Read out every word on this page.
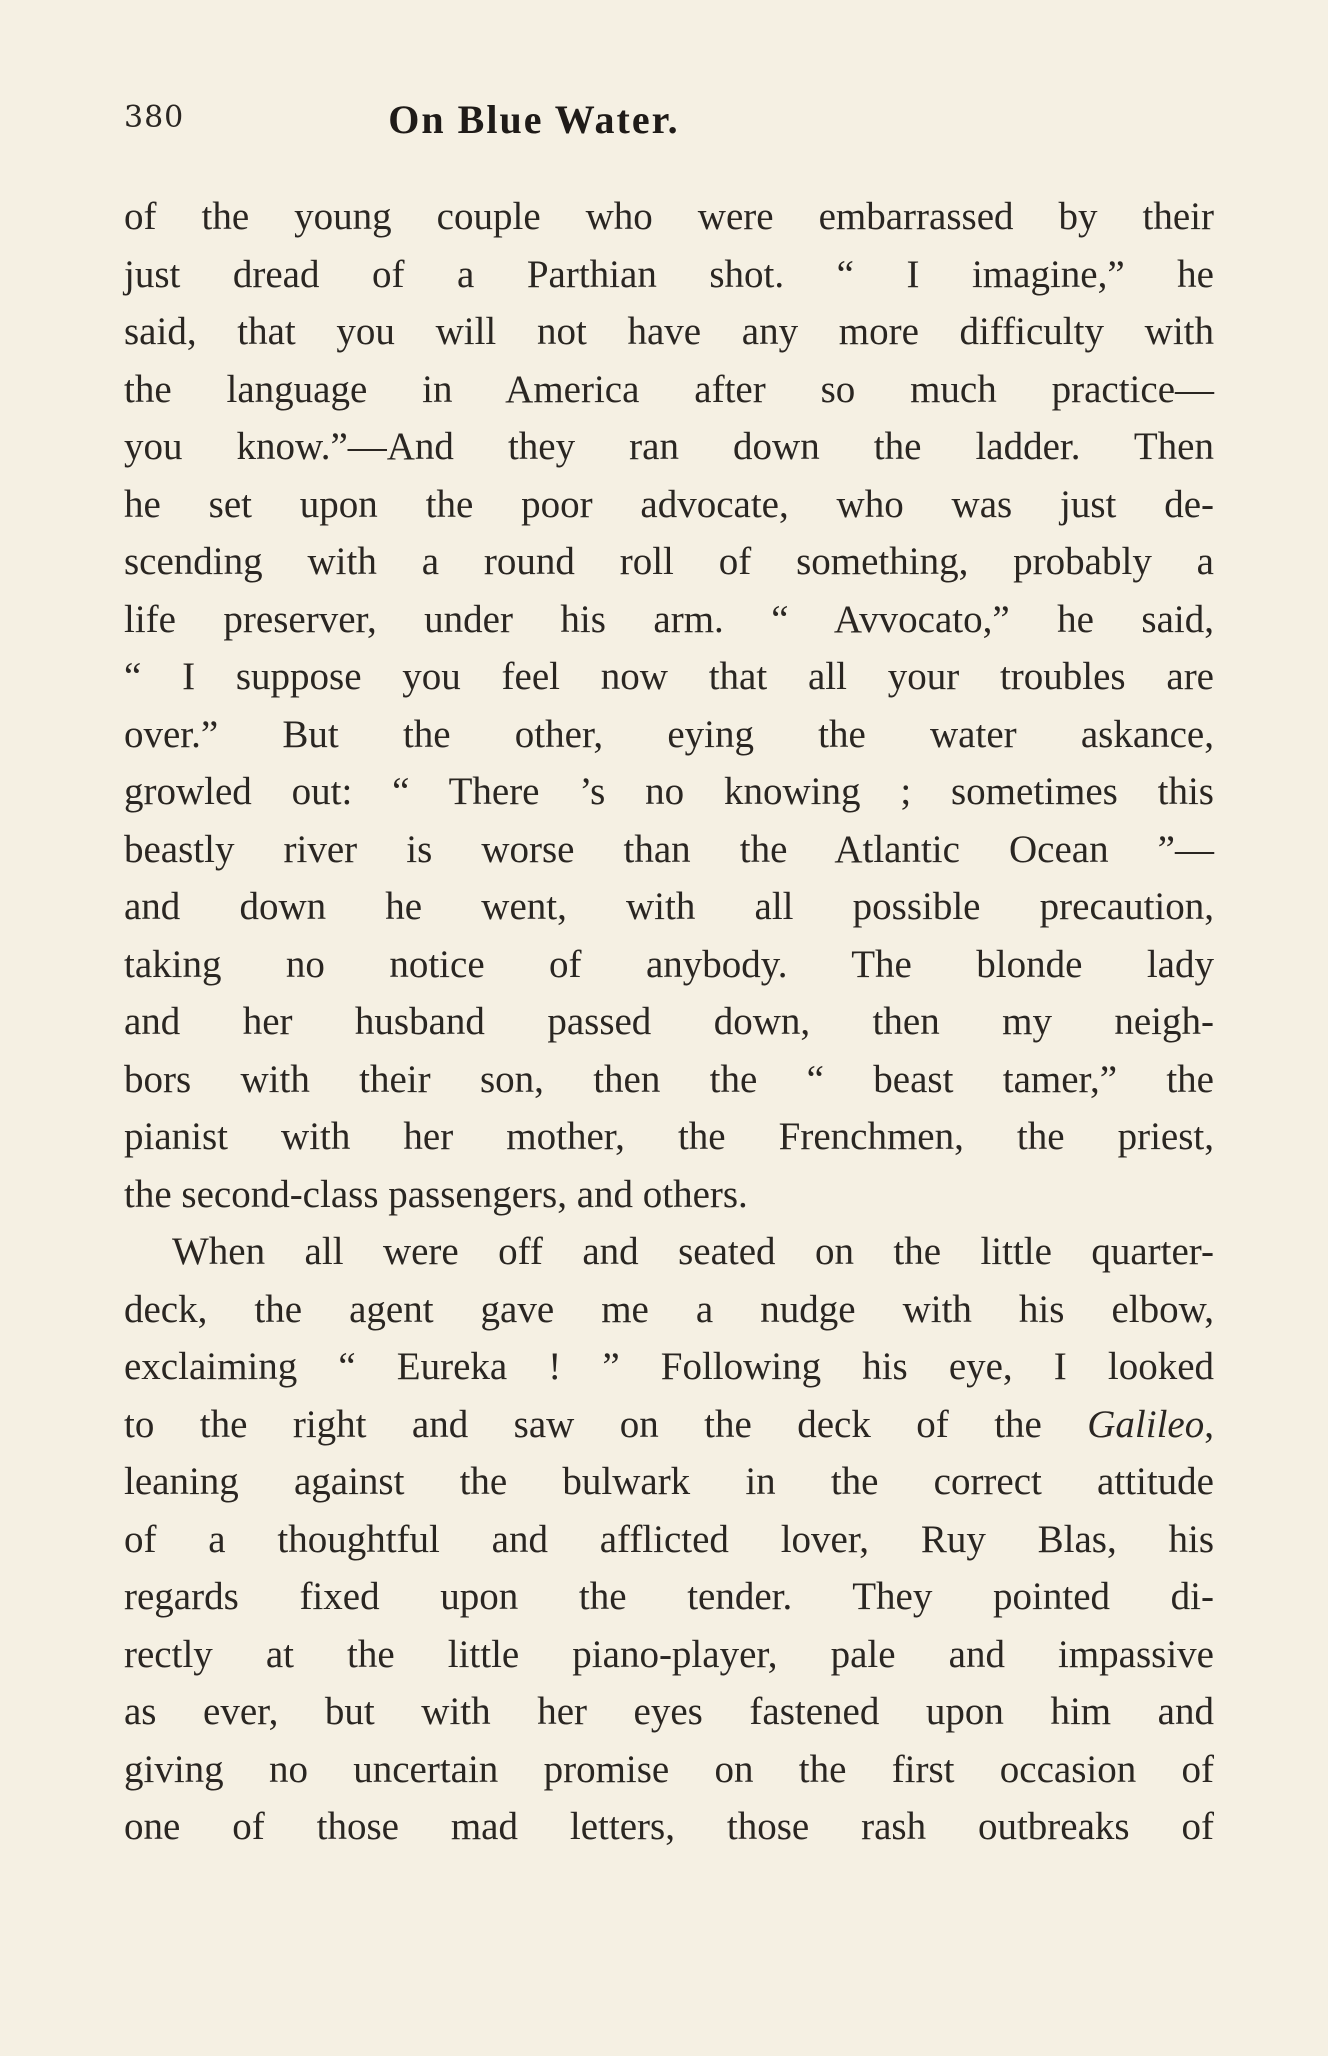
380	On Blue Water.
of the young couple who were embarrassed by their
just dread of a Parthian shot. “ I imagine,” he
said, that you will not have any more difficulty with
the language in America after so much practice—
you know.”—And they ran down the ladder. Then
he set upon the poor advocate, who was just de-
scending with a round roll of something, probably a
life preserver, under his arm. “ Avvocato,” he said,
“ I suppose you feel now that all your troubles are
over.” But the other, eying the water askance,
growled out: “ There ’s no knowing ; sometimes this
beastly river is worse than the Atlantic Ocean ”—
and down he went, with all possible precaution,
taking no notice of anybody. The blonde lady
and her husband passed down, then my neigh-
bors with their son, then the “ beast tamer,” the
pianist with her mother, the Frenchmen, the priest,
the second-class passengers, and others.
When all were off and seated on the little quarter-
deck, the agent gave me a nudge with his elbow,
exclaiming “ Eureka ! ” Following his eye, I looked
to the right and saw on the deck of the Galileo,
leaning against the bulwark in the correct attitude
of a thoughtful and afflicted lover, Ruy Blas, his
regards fixed upon the tender. They pointed di-
rectly at the little piano-player, pale and impassive
as ever, but with her eyes fastened upon him and
giving no uncertain promise on the first occasion of
one of those mad letters, those rash outbreaks of
